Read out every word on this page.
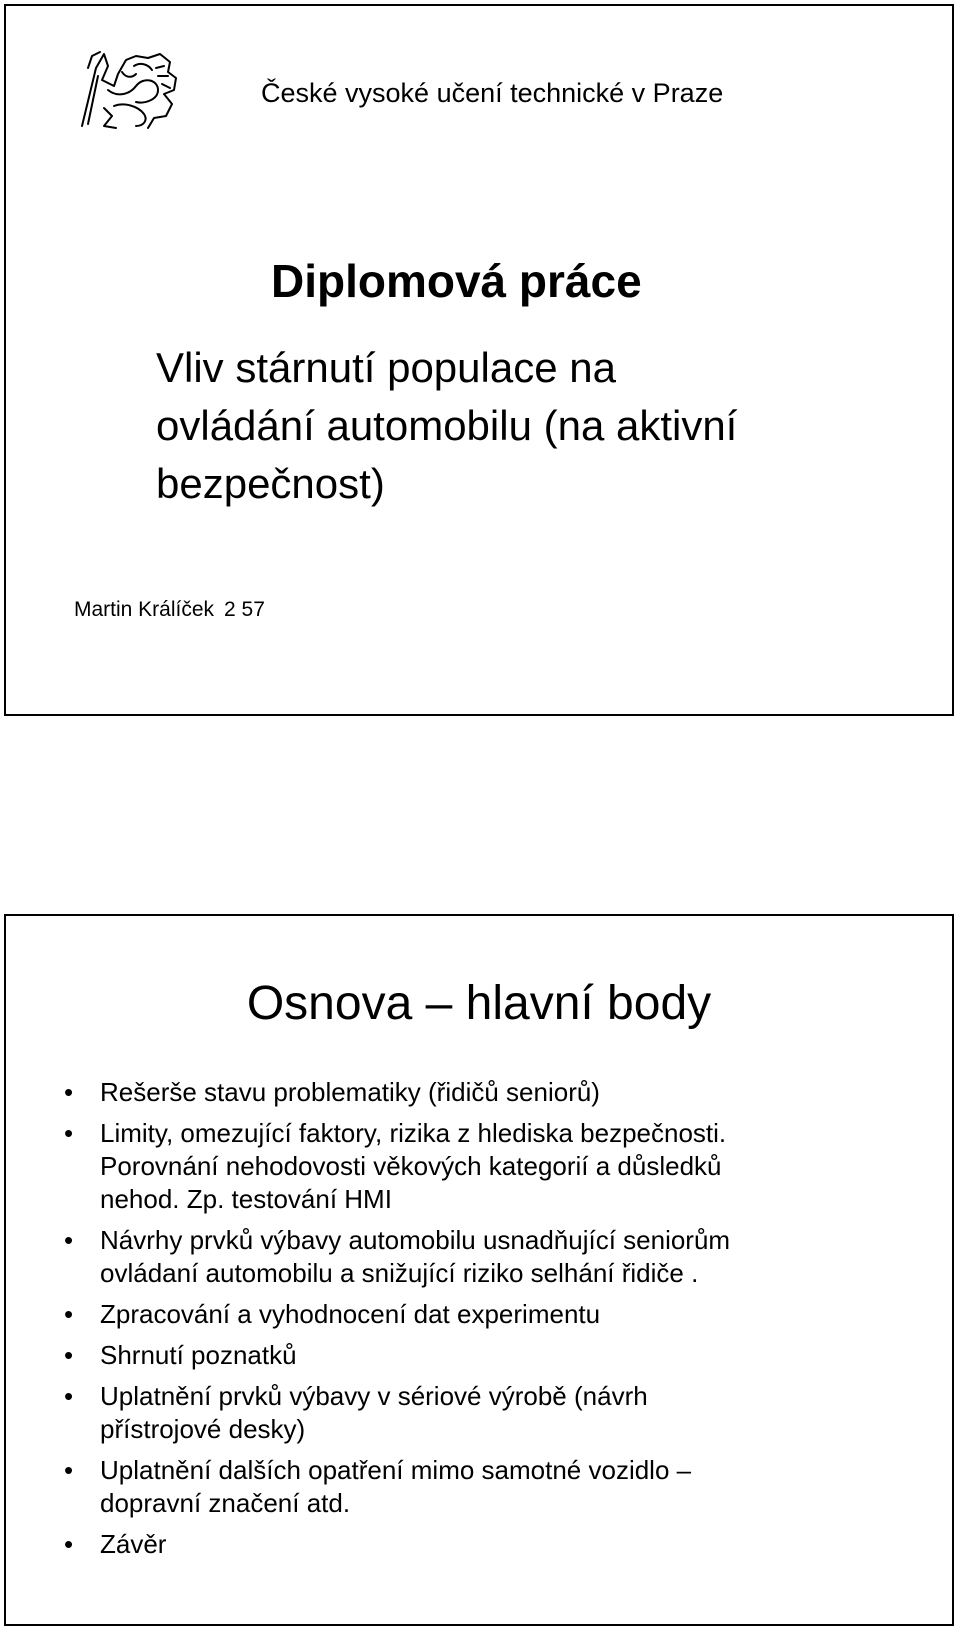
České vysoké učení technické v Praze
Diplomová práce
Vliv stárnutí populace na
ovládání automobilu (na aktivní
bezpečnost)
Martin Králíček 2 57
Osnova – hlavní body
• Rešerše stavu problematiky (řidičů seniorů)
• Limity, omezující faktory, rizika z hlediska bezpečnosti.
Porovnání nehodovosti věkových kategorií a důsledků
nehod. Zp. testování HMI
• Návrhy prvků výbavy automobilu usnadňující seniorům
ovládaní automobilu a snižující riziko selhání řidiče .
• Zpracování a vyhodnocení dat experimentu
• Shrnutí poznatků
• Uplatnění prvků výbavy v sériové výrobě (návrh
přístrojové desky)
• Uplatnění dalších opatření mimo samotné vozidlo –
dopravní značení atd.
• Závěr
